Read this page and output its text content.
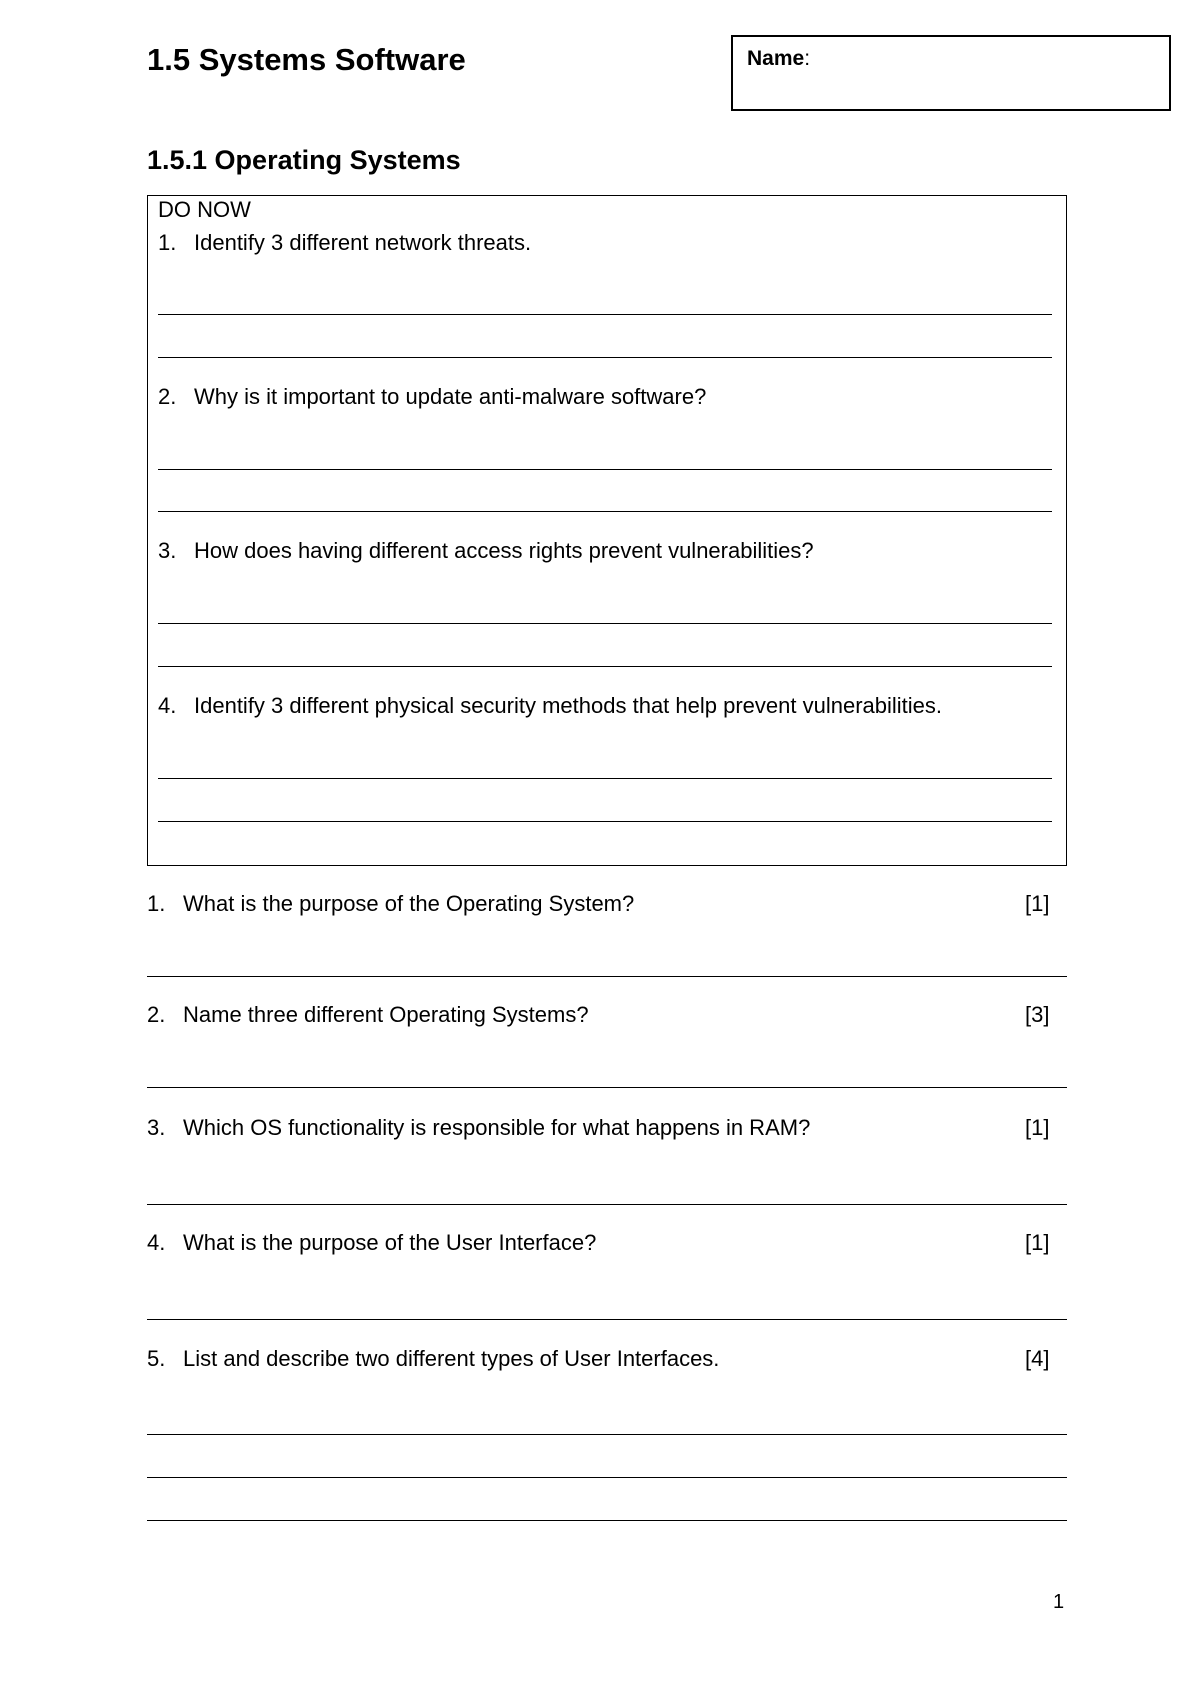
1.5 Systems Software	Name:
1.5.1 Operating Systems
DO NOW
1. Identify 3 different network threats.
2. Why is it important to update anti-malware software?
3. How does having different access rights prevent vulnerabilities?
4. Identify 3 different physical security methods that help prevent vulnerabilities.
1. What is the purpose of the Operating System?	[1]
2. Name three different Operating Systems?	[3]
3. Which OS functionality is responsible for what happens in RAM?	[1]
4. What is the purpose of the User Interface?	[1]
5. List and describe two different types of User Interfaces.	[4]
1
